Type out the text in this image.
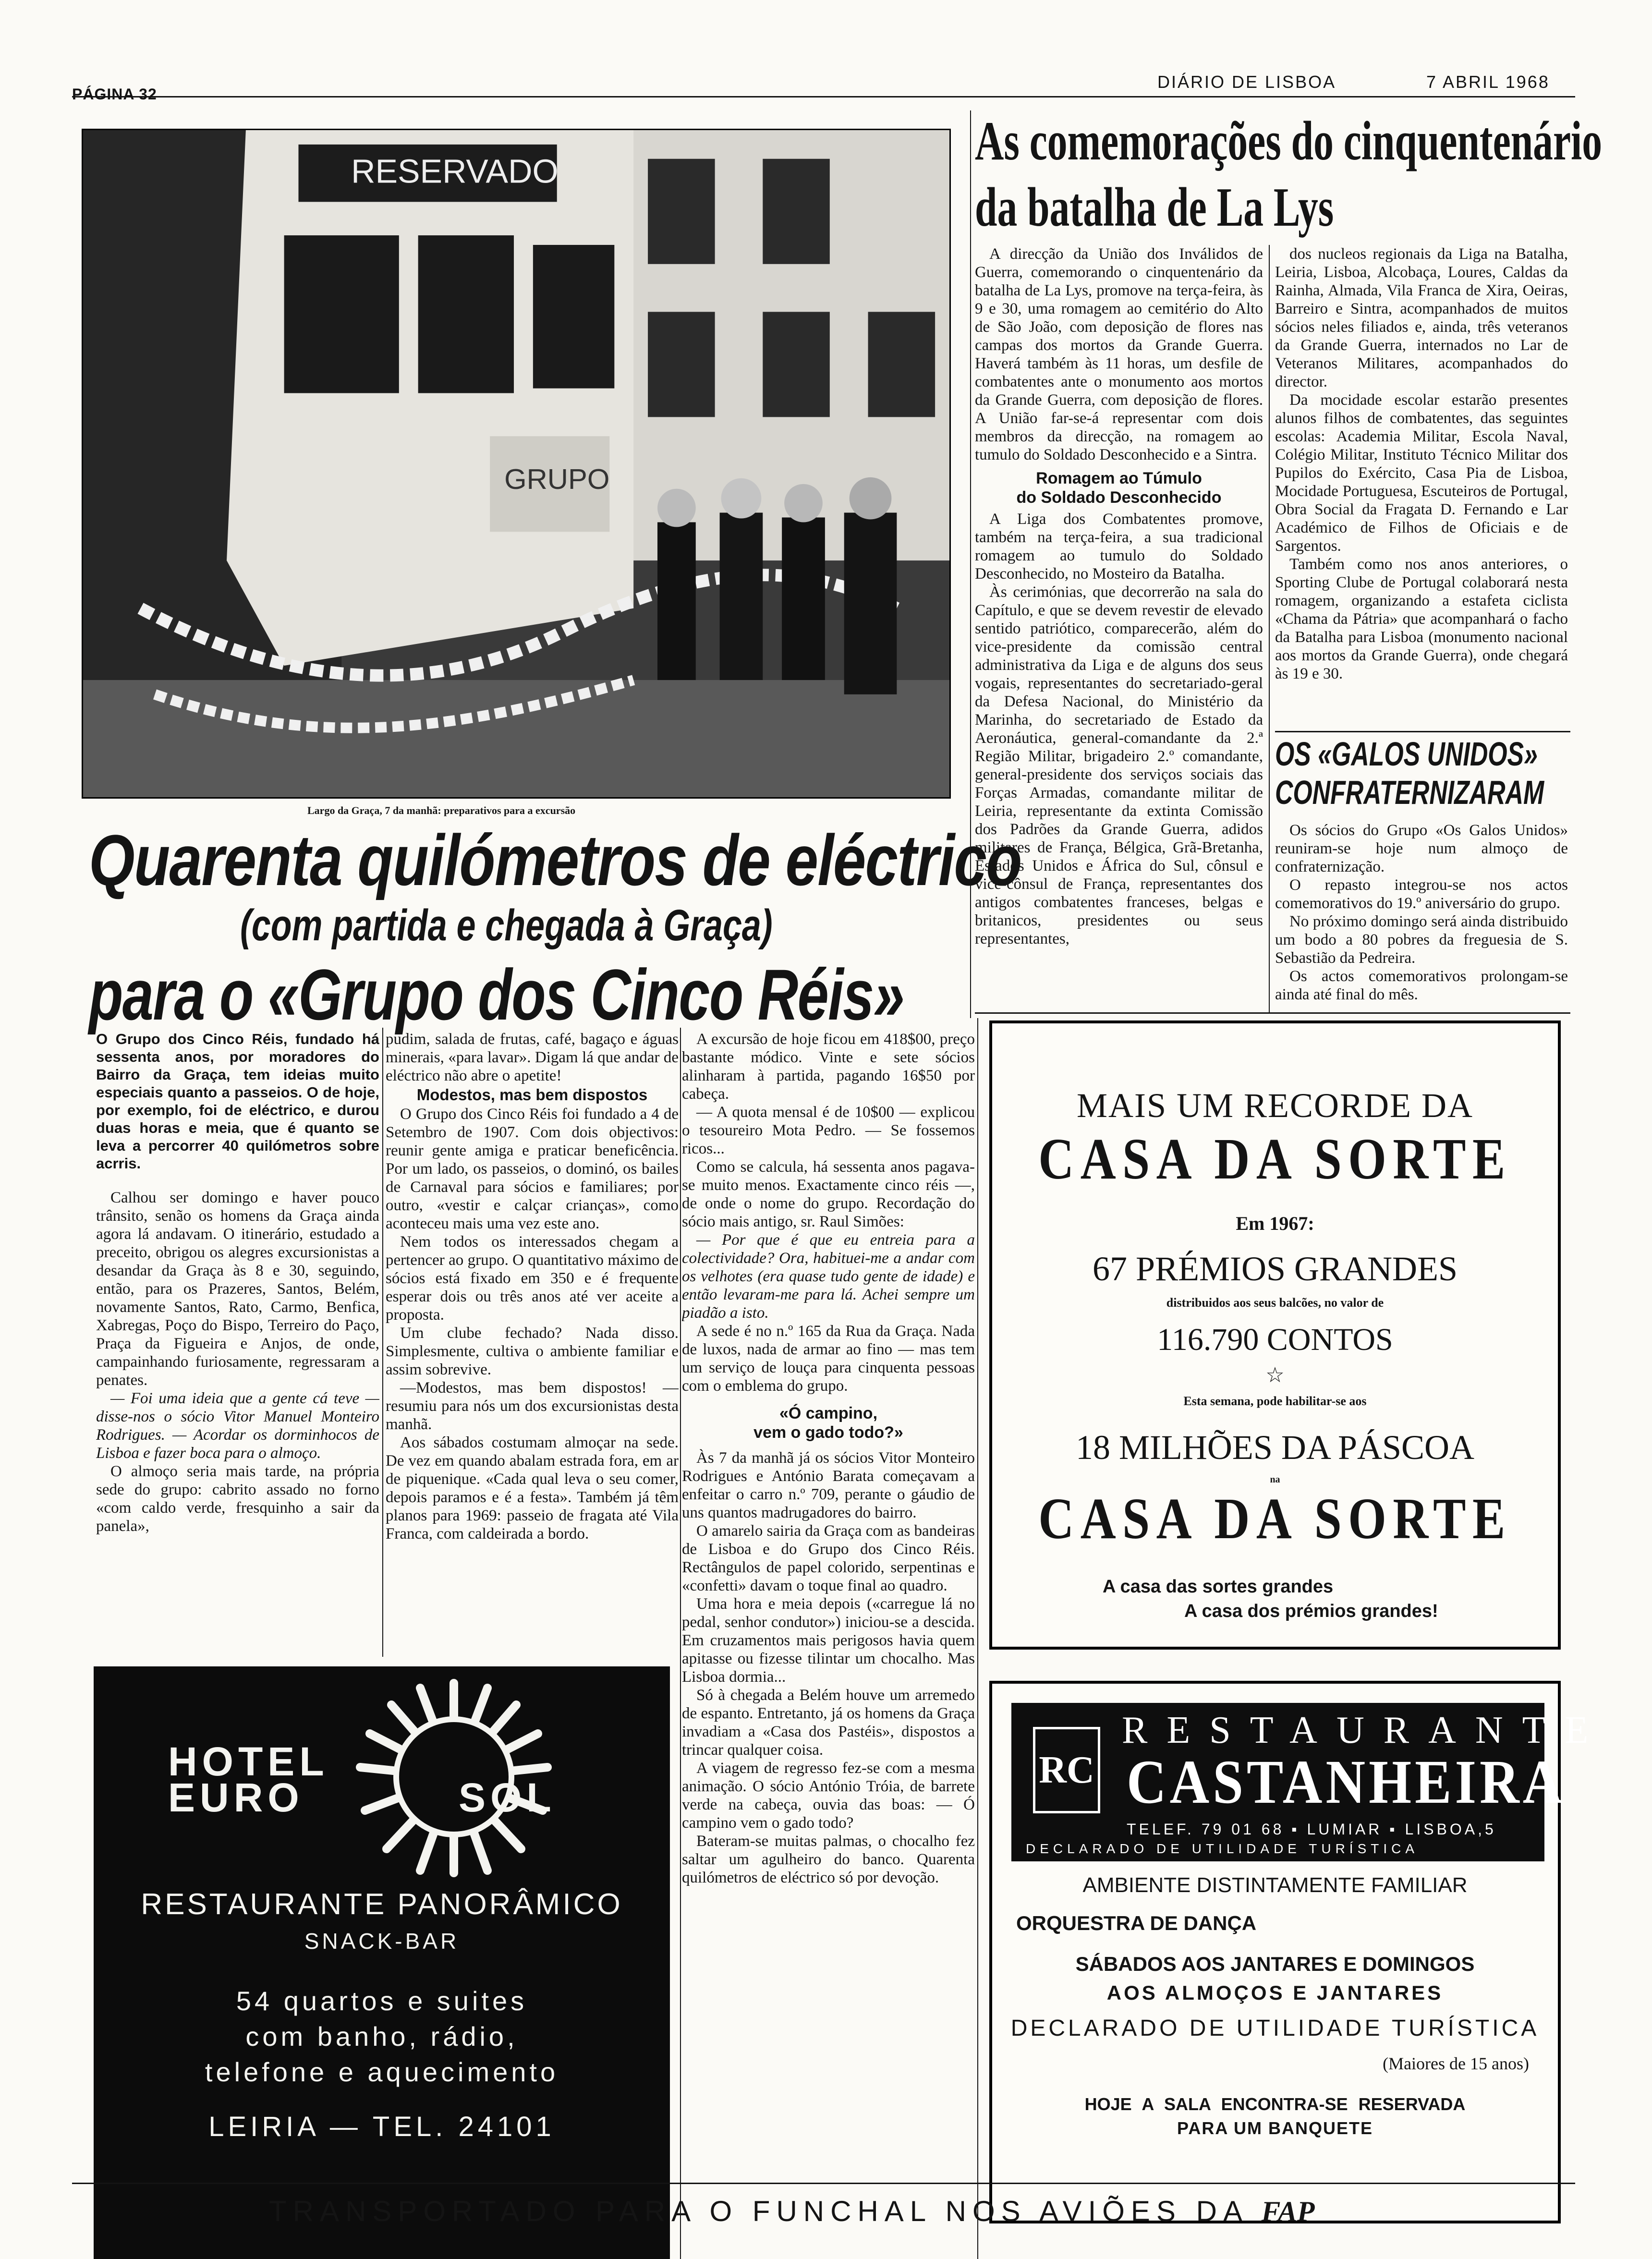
PÁGINA 32
DIÁRIO DE LISBOA	7 ABRIL 1968
RESERVADO
GRUPO
Largo da Graça, 7 da manhã: preparativos para a excursão
Quarenta quilómetros de eléctrico
(com partida e chegada à Graça)
para o «Grupo dos Cinco Réis»
O Grupo dos Cinco Réis, fundado há sessenta anos, por moradores do Bairro da Graça, tem ideias muito especiais quanto a passeios. O de hoje, por exemplo, foi de eléctrico, e durou duas horas e meia, que é quanto se leva a percorrer 40 quilómetros sobre acrris.

Calhou ser domingo e haver pouco trânsito, senão os homens da Graça ainda agora lá andavam. O itinerário, estudado a preceito, obrigou os alegres excursionistas a desandar da Graça às 8 e 30, seguindo, então, para os Prazeres, Santos, Belém, novamente Santos, Rato, Carmo, Benfica, Xabregas, Poço do Bispo, Terreiro do Paço, Praça da Figueira e Anjos, de onde, campainhando furiosamente, regressaram a penates.

— Foi uma ideia que a gente cá teve — disse-nos o sócio Vitor Manuel Monteiro Rodrigues. — Acordar os dorminhocos de Lisboa e fazer boca para o almoço.

O almoço seria mais tarde, na própria sede do grupo: cabrito assado no forno «com caldo verde, fresquinho a sair da panela»,

pudim, salada de frutas, café, bagaço e águas minerais, «para lavar». Digam lá que andar de eléctrico não abre o apetite!

Modestos, mas bem dispostos

O Grupo dos Cinco Réis foi fundado a 4 de Setembro de 1907. Com dois objectivos: reunir gente amiga e praticar beneficência. Por um lado, os passeios, o dominó, os bailes de Carnaval para sócios e familiares; por outro, «vestir e calçar crianças», como aconteceu mais uma vez este ano.

Nem todos os interessados chegam a pertencer ao grupo. O quantitativo máximo de sócios está fixado em 350 e é frequente esperar dois ou três anos até ver aceite a proposta.

Um clube fechado? Nada disso. Simplesmente, cultiva o ambiente familiar e assim sobrevive.

—Modestos, mas bem dispostos! — resumiu para nós um dos excursionistas desta manhã.

Aos sábados costumam almoçar na sede. De vez em quando abalam estrada fora, em ar de piquenique. «Cada qual leva o seu comer, depois paramos e é a festa». Também já têm planos para 1969: passeio de fragata até Vila Franca, com caldeirada a bordo.

A excursão de hoje ficou em 418$00, preço bastante módico. Vinte e sete sócios alinharam à partida, pagando 16$50 por cabeça.

— A quota mensal é de 10$00 — explicou o tesoureiro Mota Pedro. — Se fossemos ricos...

Como se calcula, há sessenta anos pagava-se muito menos. Exactamente cinco réis —, de onde o nome do grupo. Recordação do sócio mais antigo, sr. Raul Simões:

— Por que é que eu entreia para a colectividade? Ora, habituei-me a andar com os velhotes (era quase tudo gente de idade) e então levaram-me para lá. Achei sempre um piadão a isto.

A sede é no n.º 165 da Rua da Graça. Nada de luxos, nada de armar ao fino — mas tem um serviço de louça para cinquenta pessoas com o emblema do grupo.

«Ó campino,
vem o gado todo?»

Às 7 da manhã já os sócios Vitor Monteiro Rodrigues e António Barata começavam a enfeitar o carro n.º 709, perante o gáudio de uns quantos madrugadores do bairro.

O amarelo sairia da Graça com as bandeiras de Lisboa e do Grupo dos Cinco Réis. Rectângulos de papel colorido, serpentinas e «confetti» davam o toque final ao quadro.

Uma hora e meia depois («carregue lá no pedal, senhor condutor») iniciou-se a descida. Em cruzamentos mais perigosos havia quem apitasse ou fizesse tilintar um chocalho. Mas Lisboa dormia...

Só à chegada a Belém houve um arremedo de espanto. Entretanto, já os homens da Graça invadiam a «Casa dos Pastéis», dispostos a trincar qualquer coisa.

A viagem de regresso fez-se com a mesma animação. O sócio António Tróia, de barrete verde na cabeça, ouvia das boas: — Ó campino vem o gado todo?

Bateram-se muitas palmas, o chocalho fez saltar um agulheiro do banco. Quarenta quilómetros de eléctrico só por devoção.

As comemorações do cinquentenário
da batalha de La Lys

A direcção da União dos Inválidos de Guerra, comemorando o cinquentenário da batalha de La Lys, promove na terça-feira, às 9 e 30, uma romagem ao cemitério do Alto de São João, com deposição de flores nas campas dos mortos da Grande Guerra. Haverá também às 11 horas, um desfile de combatentes ante o monumento aos mortos da Grande Guerra, com deposição de flores. A União far-se-á representar com dois membros da direcção, na romagem ao tumulo do Soldado Desconhecido e a Sintra.

Romagem ao Túmulo
do Soldado Desconhecido

A Liga dos Combatentes promove, também na terça-feira, a sua tradicional romagem ao tumulo do Soldado Desconhecido, no Mosteiro da Batalha.

Às cerimónias, que decorrerão na sala do Capítulo, e que se devem revestir de elevado sentido patriótico, comparecerão, além do vice-presidente da comissão central administrativa da Liga e de alguns dos seus vogais, representantes do secretariado-geral da Defesa Nacional, do Ministério da Marinha, do secretariado de Estado da Aeronáutica, general-comandante da 2.ª Região Militar, brigadeiro 2.º comandante, general-presidente dos serviços sociais das Forças Armadas, comandante militar de Leiria, representante da extinta Comissão dos Padrões da Grande Guerra, adidos militares de França, Bélgica, Grã-Bretanha, Estados Unidos e África do Sul, cônsul e vice-cônsul de França, representantes dos antigos combatentes franceses, belgas e britanicos, presidentes ou seus representantes,

dos nucleos regionais da Liga na Batalha, Leiria, Lisboa, Alcobaça, Loures, Caldas da Rainha, Almada, Vila Franca de Xira, Oeiras, Barreiro e Sintra, acompanhados de muitos sócios neles filiados e, ainda, três veteranos da Grande Guerra, internados no Lar de Veteranos Militares, acompanhados do director.

Da mocidade escolar estarão presentes alunos filhos de combatentes, das seguintes escolas: Academia Militar, Escola Naval, Colégio Militar, Instituto Técnico Militar dos Pupilos do Exército, Casa Pia de Lisboa, Mocidade Portuguesa, Escuteiros de Portugal, Obra Social da Fragata D. Fernando e Lar Académico de Filhos de Oficiais e de Sargentos.

Também como nos anos anteriores, o Sporting Clube de Portugal colaborará nesta romagem, organizando a estafeta ciclista «Chama da Pátria» que acompanhará o facho da Batalha para Lisboa (monumento nacional aos mortos da Grande Guerra), onde chegará às 19 e 30.

OS «GALOS UNIDOS»
CONFRATERNIZARAM

Os sócios do Grupo «Os Galos Unidos» reuniram-se hoje num almoço de confraternização.

O repasto integrou-se nos actos comemorativos do 19.º aniversário do grupo.

No próximo domingo será ainda distribuido um bodo a 80 pobres da freguesia de S. Sebastião da Pedreira.

Os actos comemorativos prolongam-se ainda até final do mês.

MAIS UM RECORDE DA
CASA DA SORTE
Em 1967:
67 PRÉMIOS GRANDES
distribuidos aos seus balcões, no valor de
116.790 CONTOS
☆
Esta semana, pode habilitar-se aos
18 MILHÕES DA PÁSCOA
na
CASA DA SORTE
A casa das sortes grandes
A casa dos prémios grandes!
HOTEL
EURO	SOL
RESTAURANTE PANORÂMICO
SNACK-BAR
54 quartos e suites
com banho, rádio,
telefone e aquecimento
LEIRIA — TEL. 24101
RC
RESTAURANTE
CASTANHEIRA
TELEF. 79 01 68 ▪ LUMIAR ▪ LISBOA,5
DECLARADO DE UTILIDADE TURÍSTICA
AMBIENTE DISTINTAMENTE FAMILIAR
ORQUESTRA DE DANÇA
SÁBADOS AOS JANTARES E DOMINGOS
AOS ALMOÇOS E JANTARES
DECLARADO DE UTILIDADE TURÍSTICA
(Maiores de 15 anos)
HOJE A SALA ENCONTRA-SE RESERVADA
PARA UM BANQUETE
TRANSPORTADO PARA O FUNCHAL NOS AVIÕES DA FAP
